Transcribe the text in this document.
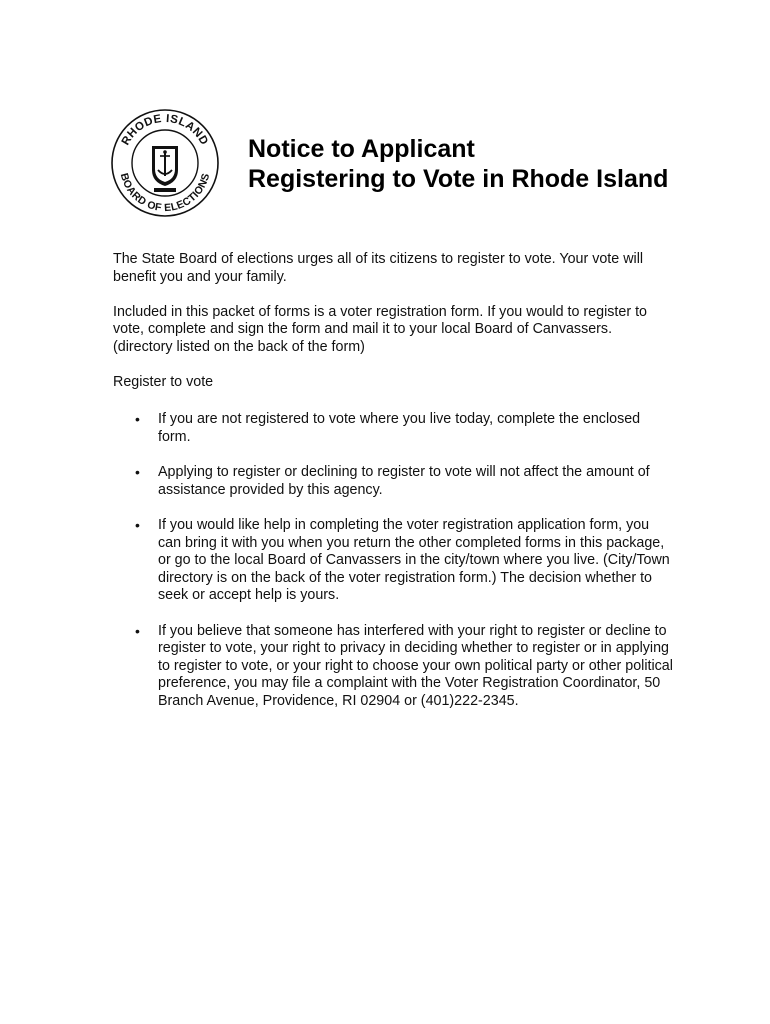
RHODE ISLAND
BOARD OF ELECTIONS
Notice to Applicant
Registering to Vote in Rhode Island

The State Board of elections urges all of its citizens to register to vote. Your vote will benefit you and your family.

Included in this packet of forms is a voter registration form. If you would to register to vote, complete and sign the form and mail it to your local Board of Canvassers. (directory listed on the back of the form)

Register to vote

• If you are not registered to vote where you live today, complete the enclosed form.
• Applying to register or declining to register to vote will not affect the amount of assistance provided by this agency.
• If you would like help in completing the voter registration application form, you can bring it with you when you return the other completed forms in this package, or go to the local Board of Canvassers in the city/town where you live. (City/Town directory is on the back of the voter registration form.) The decision whether to seek or accept help is yours.
• If you believe that someone has interfered with your right to register or decline to register to vote, your right to privacy in deciding whether to register or in applying to register to vote, or your right to choose your own political party or other political preference, you may file a complaint with the Voter Registration Coordinator, 50 Branch Avenue, Providence, RI 02904 or (401)222-2345.
